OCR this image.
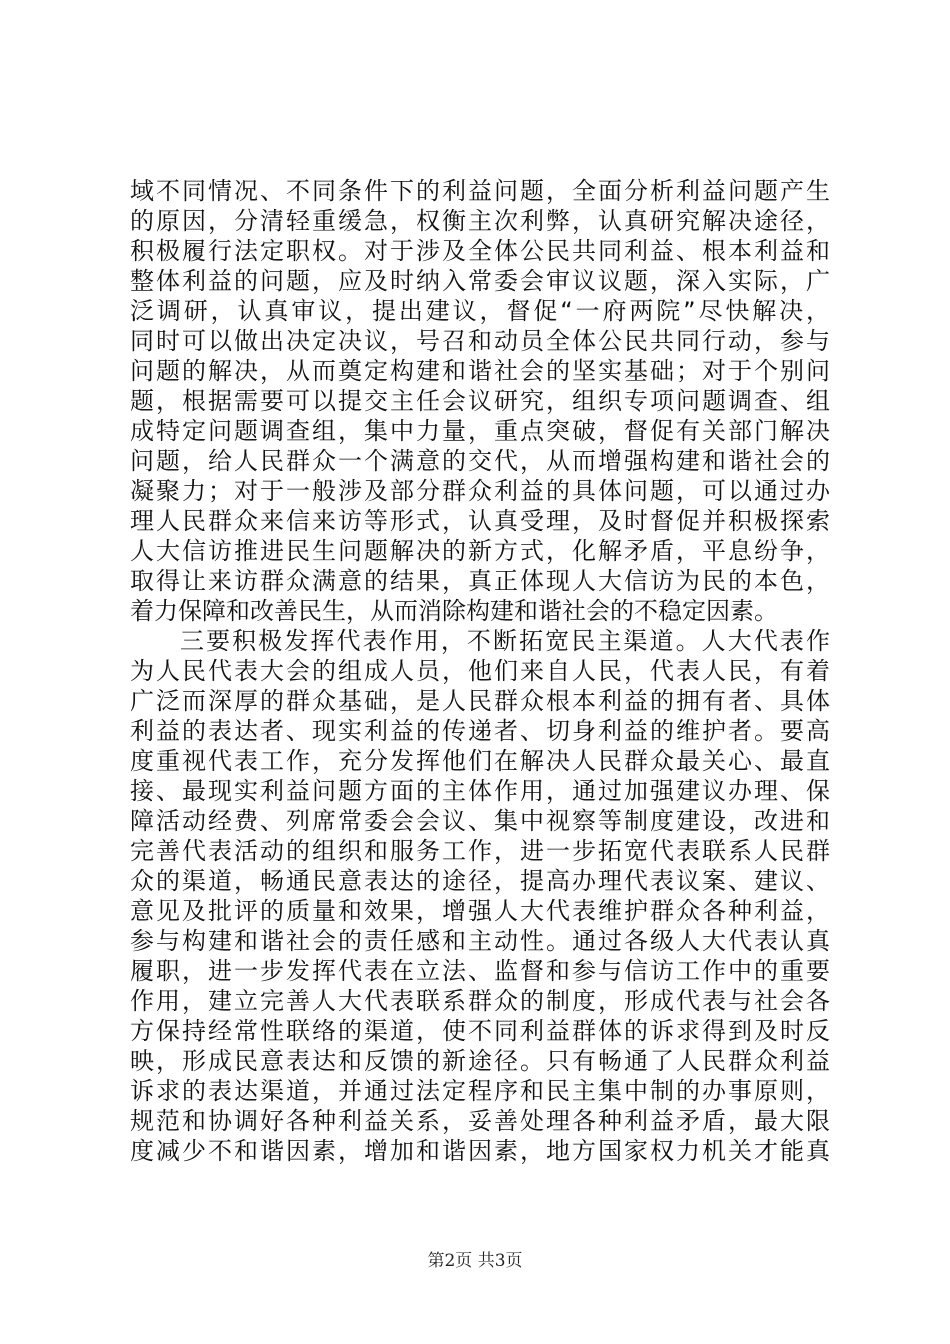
域不同情况、不同条件下的利益问题，全面分析利益问题产生
的原因，分清轻重缓急，权衡主次利弊，认真研究解决途径，
积极履行法定职权。对于涉及全体公民共同利益、根本利益和
整体利益的问题，应及时纳入常委会审议议题，深入实际，广
泛调研，认真审议，提出建议，督促“一府两院”尽快解决，
同时可以做出决定决议，号召和动员全体公民共同行动，参与
问题的解决，从而奠定构建和谐社会的坚实基础；对于个别问
题，根据需要可以提交主任会议研究，组织专项问题调查、组
成特定问题调查组，集中力量，重点突破，督促有关部门解决
问题，给人民群众一个满意的交代，从而增强构建和谐社会的
凝聚力；对于一般涉及部分群众利益的具体问题，可以通过办
理人民群众来信来访等形式，认真受理，及时督促并积极探索
人大信访推进民生问题解决的新方式，化解矛盾，平息纷争，
取得让来访群众满意的结果，真正体现人大信访为民的本色，
着力保障和改善民生，从而消除构建和谐社会的不稳定因素。
三要积极发挥代表作用，不断拓宽民主渠道。人大代表作
为人民代表大会的组成人员，他们来自人民，代表人民，有着
广泛而深厚的群众基础，是人民群众根本利益的拥有者、具体
利益的表达者、现实利益的传递者、切身利益的维护者。要高
度重视代表工作，充分发挥他们在解决人民群众最关心、最直
接、最现实利益问题方面的主体作用，通过加强建议办理、保
障活动经费、列席常委会会议、集中视察等制度建设，改进和
完善代表活动的组织和服务工作，进一步拓宽代表联系人民群
众的渠道，畅通民意表达的途径，提高办理代表议案、建议、
意见及批评的质量和效果，增强人大代表维护群众各种利益，
参与构建和谐社会的责任感和主动性。通过各级人大代表认真
履职，进一步发挥代表在立法、监督和参与信访工作中的重要
作用，建立完善人大代表联系群众的制度，形成代表与社会各
方保持经常性联络的渠道，使不同利益群体的诉求得到及时反
映，形成民意表达和反馈的新途径。只有畅通了人民群众利益
诉求的表达渠道，并通过法定程序和民主集中制的办事原则，
规范和协调好各种利益关系，妥善处理各种利益矛盾，最大限
度减少不和谐因素，增加和谐因素，地方国家权力机关才能真
第2页 共3页
